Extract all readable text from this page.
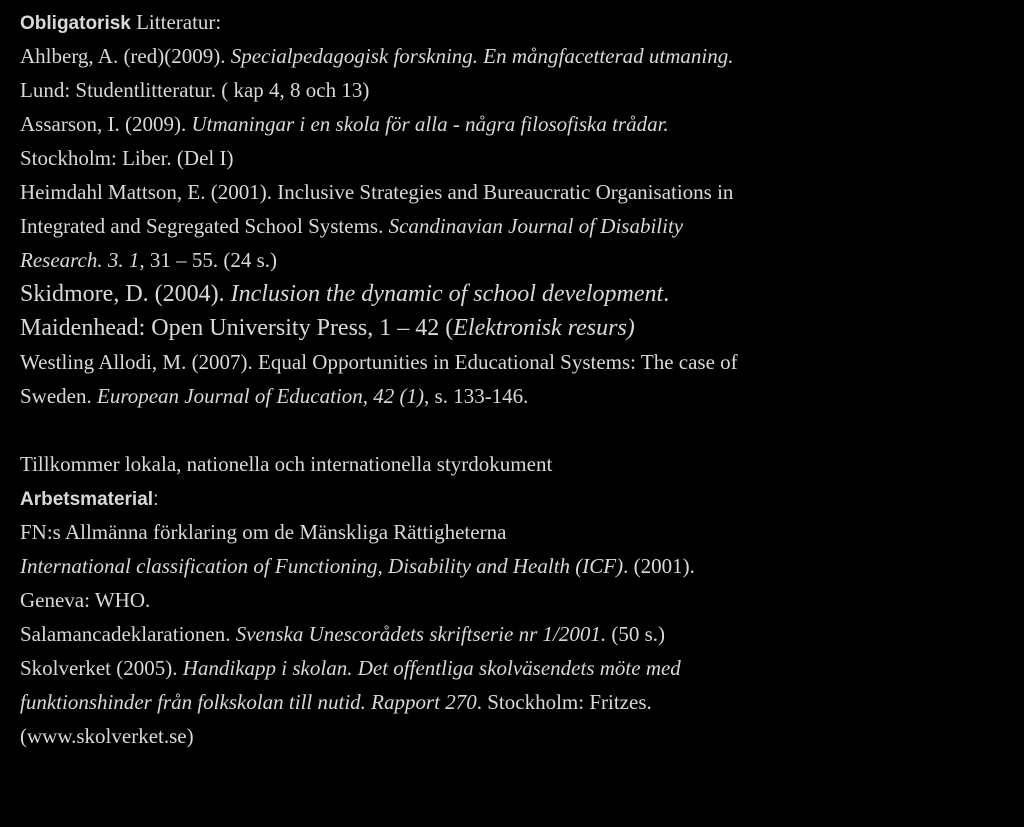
Obligatorisk Litteratur:
Ahlberg, A. (red)(2009). Specialpedagogisk forskning. En mångfacetterad utmaning.
Lund: Studentlitteratur. ( kap 4, 8 och 13)
Assarson, I. (2009). Utmaningar i en skola för alla - några filosofiska trådar.
Stockholm: Liber. (Del I)
Heimdahl Mattson, E. (2001). Inclusive Strategies and Bureaucratic Organisations in
Integrated and Segregated School Systems. Scandinavian Journal of Disability
Research. 3. 1, 31 – 55. (24 s.)
Skidmore, D. (2004). Inclusion the dynamic of school development.
Maidenhead: Open University Press, 1 – 42 (Elektronisk resurs)
Westling Allodi, M. (2007). Equal Opportunities in Educational Systems: The case of
Sweden. European Journal of Education, 42 (1), s. 133-146.
Tillkommer lokala, nationella och internationella styrdokument
Arbetsmaterial:
FN:s Allmänna förklaring om de Mänskliga Rättigheterna
International classification of Functioning, Disability and Health (ICF). (2001).
Geneva: WHO.
Salamancadeklarationen. Svenska Unescorådets skriftserie nr 1/2001. (50 s.)
Skolverket (2005). Handikapp i skolan. Det offentliga skolväsendets möte med
funktionshinder från folkskolan till nutid. Rapport 270. Stockholm: Fritzes.
(www.skolverket.se)
